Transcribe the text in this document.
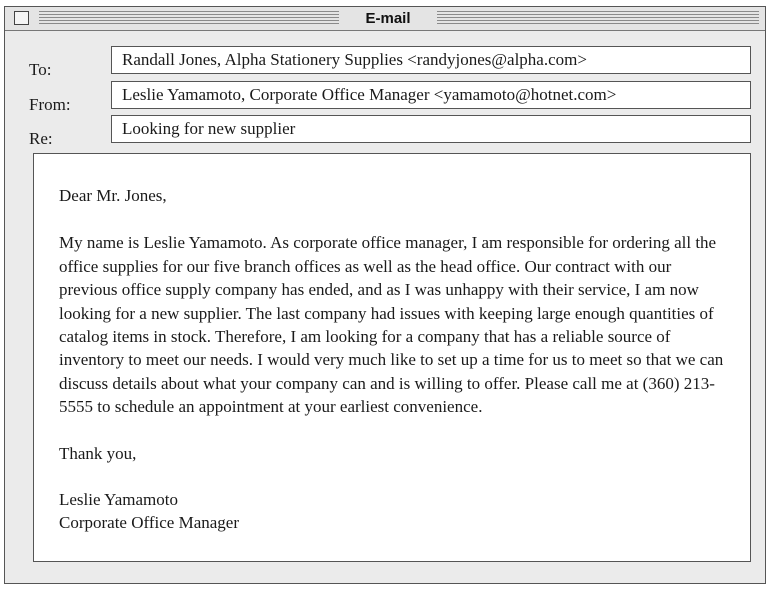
E-mail
To:
Randall Jones, Alpha Stationery Supplies <randyjones@alpha.com>
From:
Leslie Yamamoto, Corporate Office Manager <yamamoto@hotnet.com>
Re:
Looking for new supplier

Dear Mr. Jones,

My name is Leslie Yamamoto. As corporate office manager, I am responsible for ordering all the office supplies for our five branch offices as well as the head office. Our contract with our previous office supply company has ended, and as I was unhappy with their service, I am now looking for a new supplier. The last company had issues with keeping large enough quantities of catalog items in stock. Therefore, I am looking for a company that has a reliable source of inventory to meet our needs. I would very much like to set up a time for us to meet so that we can discuss details about what your company can and is willing to offer. Please call me at (360) 213-5555 to schedule an appointment at your earliest convenience.

Thank you,

Leslie Yamamoto

Corporate Office Manager
